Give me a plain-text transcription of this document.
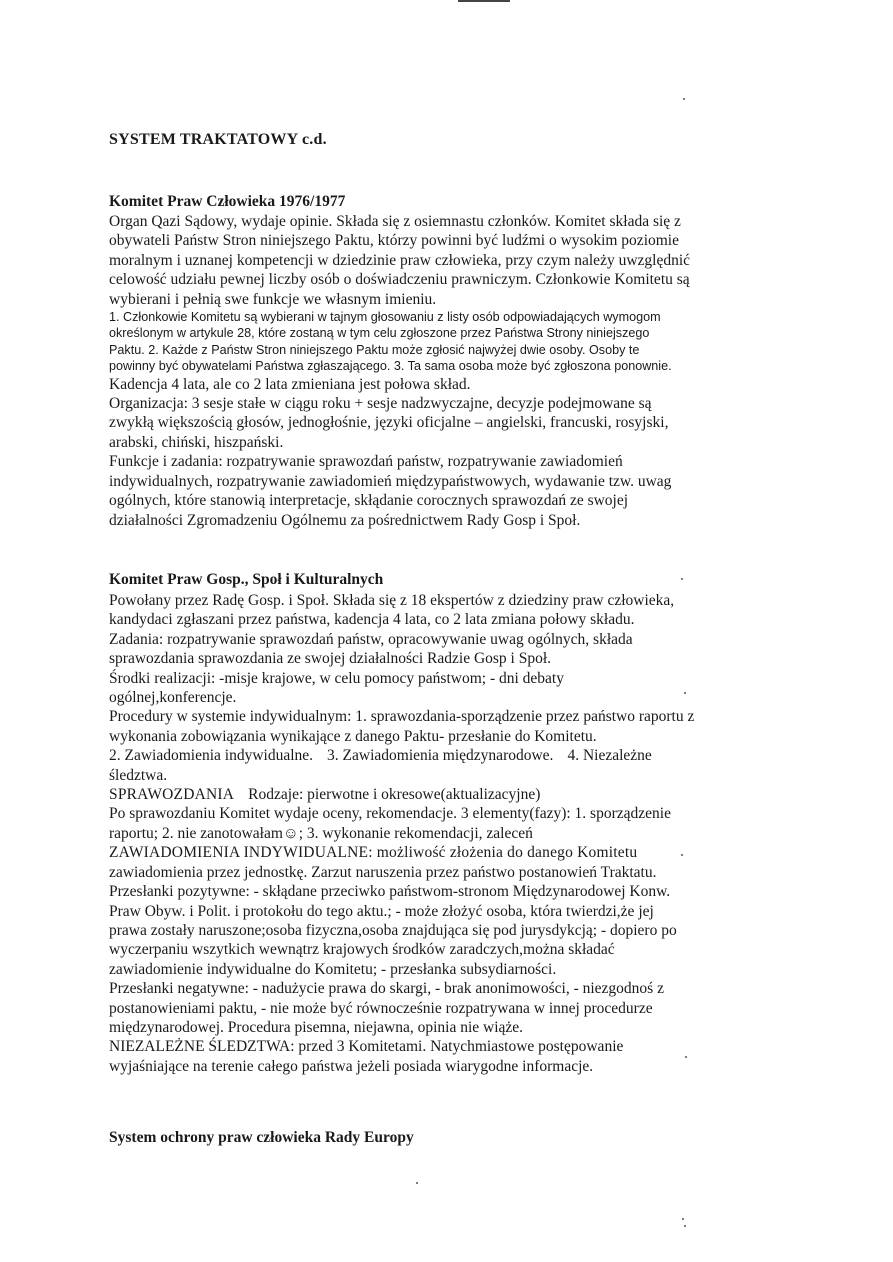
SYSTEM TRAKTATOWY c.d.
Komitet Praw Człowieka 1976/1977

Organ Qazi Sądowy, wydaje opinie. Składa się z osiemnastu członków. Komitet składa się z

obywateli Państw Stron niniejszego Paktu, którzy powinni być ludźmi o wysokim poziomie

moralnym i uznanej kompetencji w dziedzinie praw człowieka, przy czym należy uwzględnić

celowość udziału pewnej liczby osób o doświadczeniu prawniczym. Członkowie Komitetu są

wybierani i pełnią swe funkcje we własnym imieniu.

1. Członkowie Komitetu są wybierani w tajnym głosowaniu z listy osób odpowiadających wymogom

określonym w artykule 28, które zostaną w tym celu zgłoszone przez Państwa Strony niniejszego

Paktu. 2. Każde z Państw Stron niniejszego Paktu może zgłosić najwyżej dwie osoby. Osoby te

powinny być obywatelami Państwa zgłaszającego. 3. Ta sama osoba może być zgłoszona ponownie.

Kadencja 4 lata, ale co 2 lata zmieniana jest połowa skład.

Organizacja: 3 sesje stałe w ciągu roku + sesje nadzwyczajne, decyzje podejmowane są

zwykłą większością głosów, jednogłośnie, języki oficjalne – angielski, francuski, rosyjski,

arabski, chiński, hiszpański.

Funkcje i zadania: rozpatrywanie sprawozdań państw, rozpatrywanie zawiadomień

indywidualnych, rozpatrywanie zawiadomień międzypaństwowych, wydawanie tzw. uwag

ogólnych, które stanowią interpretacje, skłądanie corocznych sprawozdań ze swojej

działalności Zgromadzeniu Ogólnemu za pośrednictwem Rady Gosp i Społ.

Komitet Praw Gosp., Społ i Kulturalnych

Powołany przez Radę Gosp. i Społ. Składa się z 18 ekspertów z dziedziny praw człowieka,

kandydaci zgłaszani przez państwa, kadencja 4 lata, co 2 lata zmiana połowy składu.

Zadania: rozpatrywanie sprawozdań państw, opracowywanie uwag ogólnych, składa

sprawozdania sprawozdania ze swojej działalności Radzie Gosp i Społ.

Środki realizacji: -misje krajowe, w celu pomocy państwom; - dni debaty

ogólnej,konferencje.

Procedury w systemie indywidualnym: 1. sprawozdania-sporządzenie przez państwo raportu z

wykonania zobowiązania wynikające z danego Paktu- przesłanie do Komitetu.

2. Zawiadomienia indywidualne. 3. Zawiadomienia międzynarodowe. 4. Niezależne

śledztwa.

SPRAWOZDANIA Rodzaje: pierwotne i okresowe(aktualizacyjne)

Po sprawozdaniu Komitet wydaje oceny, rekomendacje. 3 elementy(fazy): 1. sporządzenie

raportu; 2. nie zanotowałam☺; 3. wykonanie rekomendacji, zaleceń

ZAWIADOMIENIA INDYWIDUALNE: możliwość złożenia do danego Komitetu

zawiadomienia przez jednostkę. Zarzut naruszenia przez państwo postanowień Traktatu.

Przesłanki pozytywne: - skłądane przeciwko państwom-stronom Międzynarodowej Konw.

Praw Obyw. i Polit. i protokołu do tego aktu.; - może złożyć osoba, która twierdzi,że jej

prawa zostały naruszone;osoba fizyczna,osoba znajdująca się pod jurysdykcją; - dopiero po

wyczerpaniu wszytkich wewnątrz krajowych środków zaradczych,można składać

zawiadomienie indywidualne do Komitetu; - przesłanka subsydiarności.

Przesłanki negatywne: - nadużycie prawa do skargi, - brak anonimowości, - niezgodnoś z

postanowieniami paktu, - nie może być równocześnie rozpatrywana w innej procedurze

międzynarodowej. Procedura pisemna, niejawna, opinia nie wiąże.

NIEZALEŻNE ŚLEDZTWA: przed 3 Komitetami. Natychmiastowe postępowanie

wyjaśniające na terenie całego państwa jeżeli posiada wiarygodne informacje.

System ochrony praw człowieka Rady Europy
